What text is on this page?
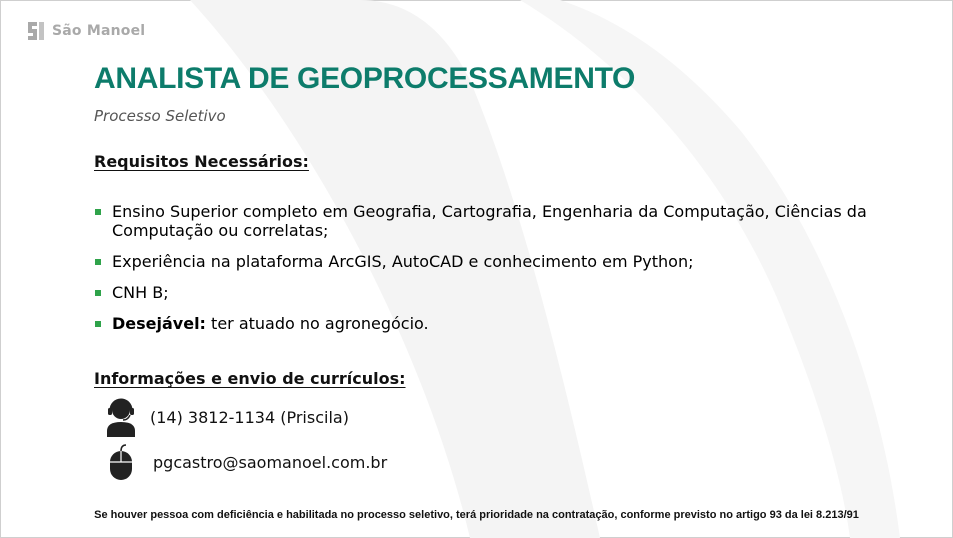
São Manoel
ANALISTA DE GEOPROCESSAMENTO
Processo Seletivo
Requisitos Necessários:
Ensino Superior completo em Geografia, Cartografia, Engenharia da Computação, Ciências da Computação ou correlatas;
Experiência na plataforma ArcGIS, AutoCAD e conhecimento em Python;
CNH B;
Desejável: ter atuado no agronegócio.
Informações e envio de currículos:
(14) 3812-1134 (Priscila)
pgcastro@saomanoel.com.br
Se houver pessoa com deficiência e habilitada no processo seletivo, terá prioridade na contratação, conforme previsto no artigo 93 da lei 8.213/91
